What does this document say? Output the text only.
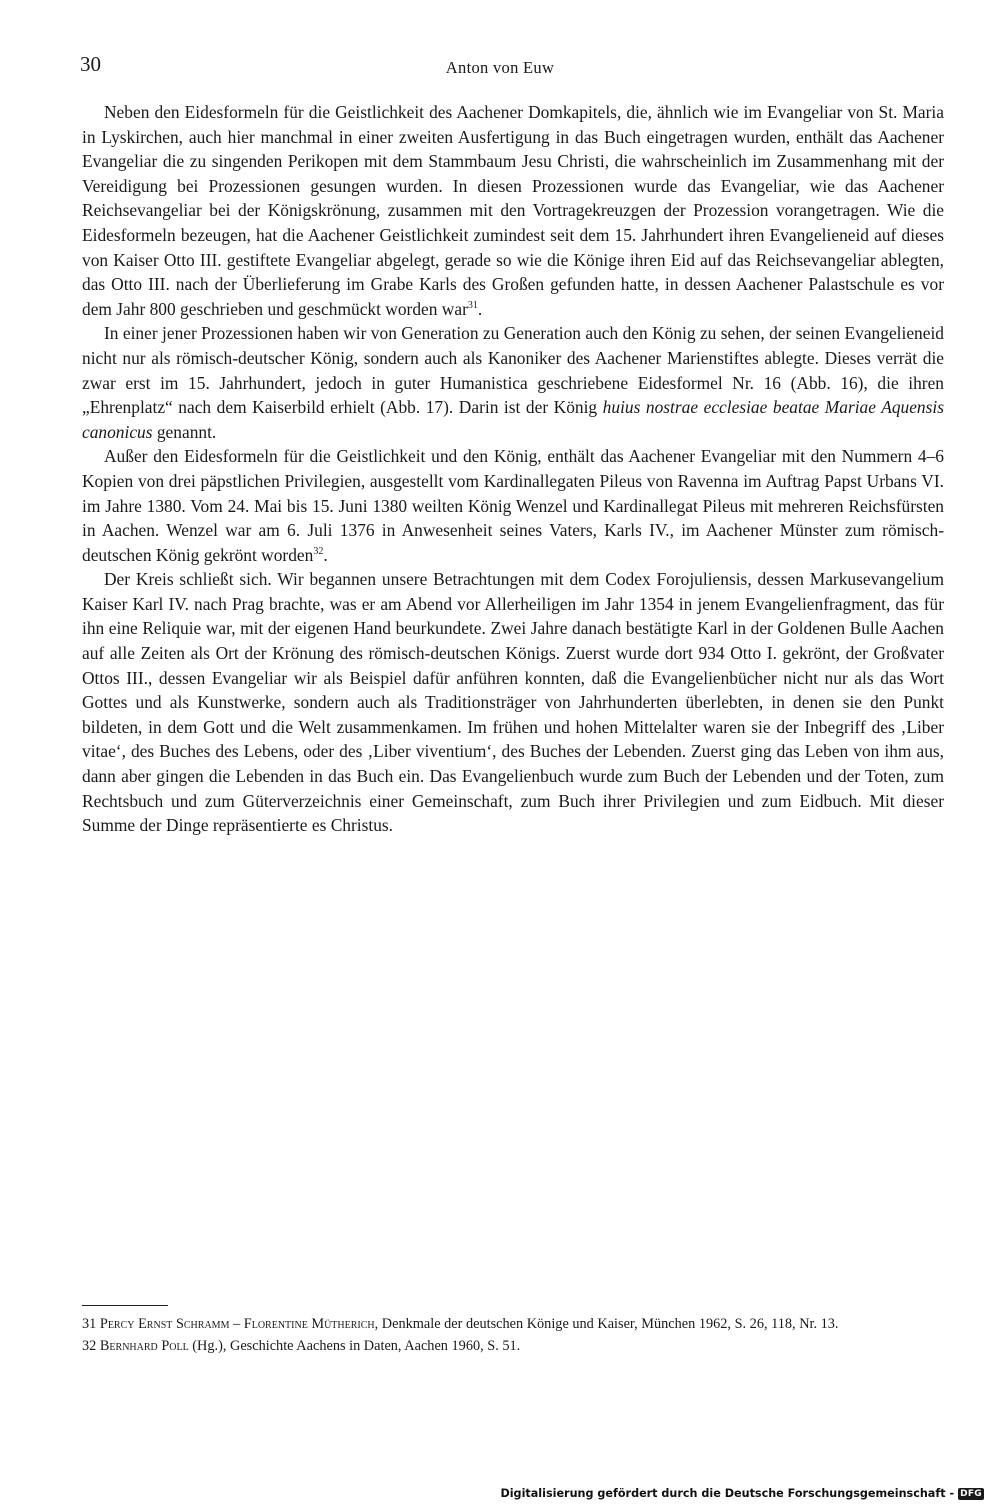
30	Anton von Euw

Neben den Eidesformeln für die Geistlichkeit des Aachener Domkapitels, die, ähnlich wie im Evangeliar von St. Maria in Lyskirchen, auch hier manchmal in einer zweiten Ausfertigung in das Buch eingetragen wurden, enthält das Aachener Evangeliar die zu singenden Perikopen mit dem Stammbaum Jesu Christi, die wahrscheinlich im Zusammenhang mit der Vereidigung bei Prozessionen gesungen wurden. In diesen Prozessionen wurde das Evangeliar, wie das Aachener Reichsevangeliar bei der Königskrönung, zusammen mit den Vortragekreuzgen der Prozession vorangetragen. Wie die Eidesformeln bezeugen, hat die Aachener Geistlichkeit zumindest seit dem 15. Jahrhundert ihren Evangelieneid auf dieses von Kaiser Otto III. gestiftete Evangeliar abgelegt, gerade so wie die Könige ihren Eid auf das Reichsevangeliar ablegten, das Otto III. nach der Überlieferung im Grabe Karls des Großen gefunden hatte, in dessen Aachener Palastschule es vor dem Jahr 800 geschrieben und geschmückt worden war$^{31}$.

In einer jener Prozessionen haben wir von Generation zu Generation auch den König zu sehen, der seinen Evangelieneid nicht nur als römisch-deutscher König, sondern auch als Kanoniker des Aachener Marienstiftes ablegte. Dieses verrät die zwar erst im 15. Jahrhundert, jedoch in guter Humanistica geschriebene Eidesformel Nr. 16 (Abb. 16), die ihren „Ehrenplatz“ nach dem Kaiserbild erhielt (Abb. 17). Darin ist der König huius nostrae ecclesiae beatae Mariae Aquensis canonicus genannt.

Außer den Eidesformeln für die Geistlichkeit und den König, enthält das Aachener Evangeliar mit den Nummern 4–6 Kopien von drei päpstlichen Privilegien, ausgestellt vom Kardinallegaten Pileus von Ravenna im Auftrag Papst Urbans VI. im Jahre 1380. Vom 24. Mai bis 15. Juni 1380 weilten König Wenzel und Kardinallegat Pileus mit mehreren Reichsfürsten in Aachen. Wenzel war am 6. Juli 1376 in Anwesenheit seines Vaters, Karls IV., im Aachener Münster zum römischdeutschen König gekrönt worden$^{32}$.

Der Kreis schließt sich. Wir begannen unsere Betrachtungen mit dem Codex Forojuliensis, dessen Markusevangelium Kaiser Karl IV. nach Prag brachte, was er am Abend vor Allerheiligen im Jahr 1354 in jenem Evangelienfragment, das für ihn eine Reliquie war, mit der eigenen Hand beurkundete. Zwei Jahre danach bestätigte Karl in der Goldenen Bulle Aachen auf alle Zeiten als Ort der Krönung des römisch-deutschen Königs. Zuerst wurde dort 934 Otto I. gekrönt, der Großvater Ottos III., dessen Evangeliar wir als Beispiel dafür anführen konnten, daß die Evangelienbücher nicht nur als das Wort Gottes und als Kunstwerke, sondern auch als Traditionsträger von Jahrhunderten überlebten, in denen sie den Punkt bildeten, in dem Gott und die Welt zusammenkamen. Im frühen und hohen Mittelalter waren sie der Inbegriff des ‚Liber vitae‘, des Buches des Lebens, oder des ‚Liber viventium‘, des Buches der Lebenden. Zuerst ging das Leben von ihm aus, dann aber gingen die Lebenden in das Buch ein. Das Evangelienbuch wurde zum Buch der Lebenden und der Toten, zum Rechtsbuch und zum Güterverzeichnis einer Gemeinschaft, zum Buch ihrer Privilegien und zum Eidbuch. Mit dieser Summe der Dinge repräsentierte es Christus.

31 Percy Ernst Schramm – Florentine Mütherich, Denkmale der deutschen Könige und Kaiser, München 1962, S. 26, 118, Nr. 13.

32 Bernhard Poll (Hg.), Geschichte Aachens in Daten, Aachen 1960, S. 51.

Digitalisierung gefördert durch die Deutsche Forschungsgemeinschaft - DFG
